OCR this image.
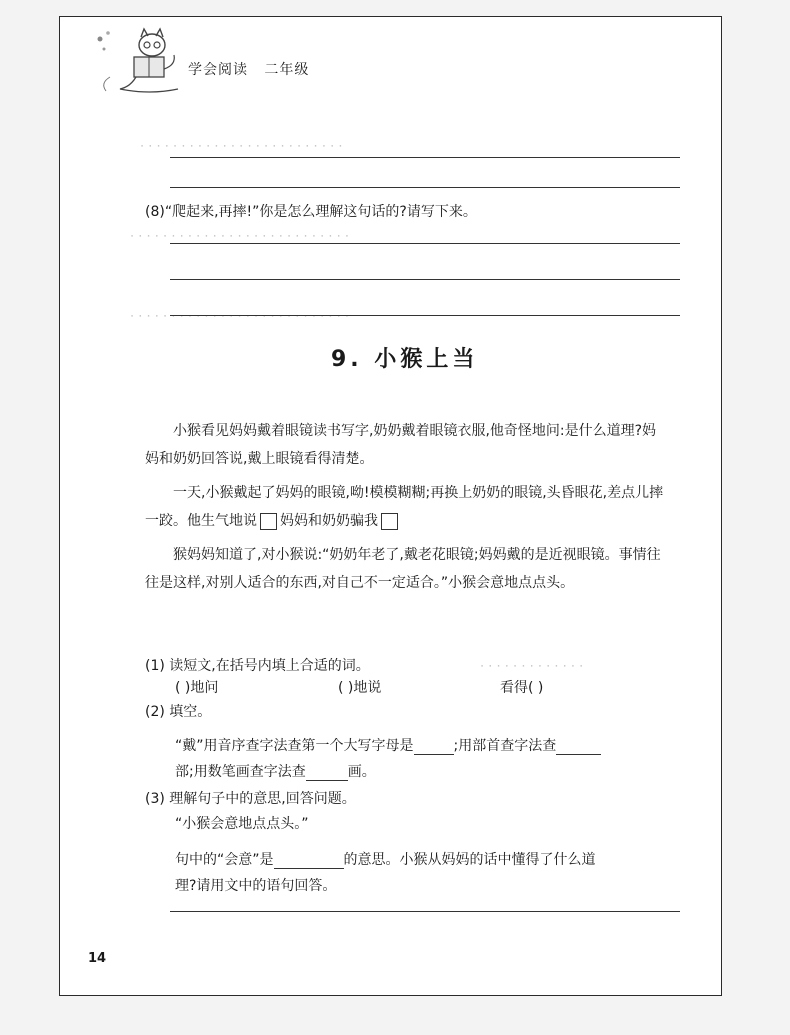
学会阅读   二年级
· · · · · · · · · · · · · · · · · · · · · · · · ·
· · · · · · · · · · · · · · · · · · · · · · · · · · ·
· · · · · · · · · · · · · · · · · · · · · · · · · · ·
· · · · · · · · · · · · ·
(8)“爬起来,再摔!”你是怎么理解这句话的?请写下来。
9. 小猴上当
小猴看见妈妈戴着眼镜读书写字,奶奶戴着眼镜衣服,他奇怪地问:是什么道理?妈妈和奶奶回答说,戴上眼镜看得清楚。
一天,小猴戴起了妈妈的眼镜,呦!模模糊糊;再换上奶奶的眼镜,头昏眼花,差点儿摔一跤。他生气地说 妈妈和奶奶骗我
猴妈妈知道了,对小猴说:“奶奶年老了,戴老花眼镜;妈妈戴的是近视眼镜。事情往往是这样,对别人适合的东西,对自己不一定适合。”小猴会意地点点头。
(1) 读短文,在括号内填上合适的词。
( )地问	( )地说	看得( )
(2) 填空。
“戴”用音序查字法查第一个大写字母是	;用部首查字法查
部;用数笔画查字法查	画。
(3) 理解句子中的意思,回答问题。
“小猴会意地点点头。”
句中的“会意”是	的意思。小猴从妈妈的话中懂得了什么道
理?请用文中的语句回答。
14
